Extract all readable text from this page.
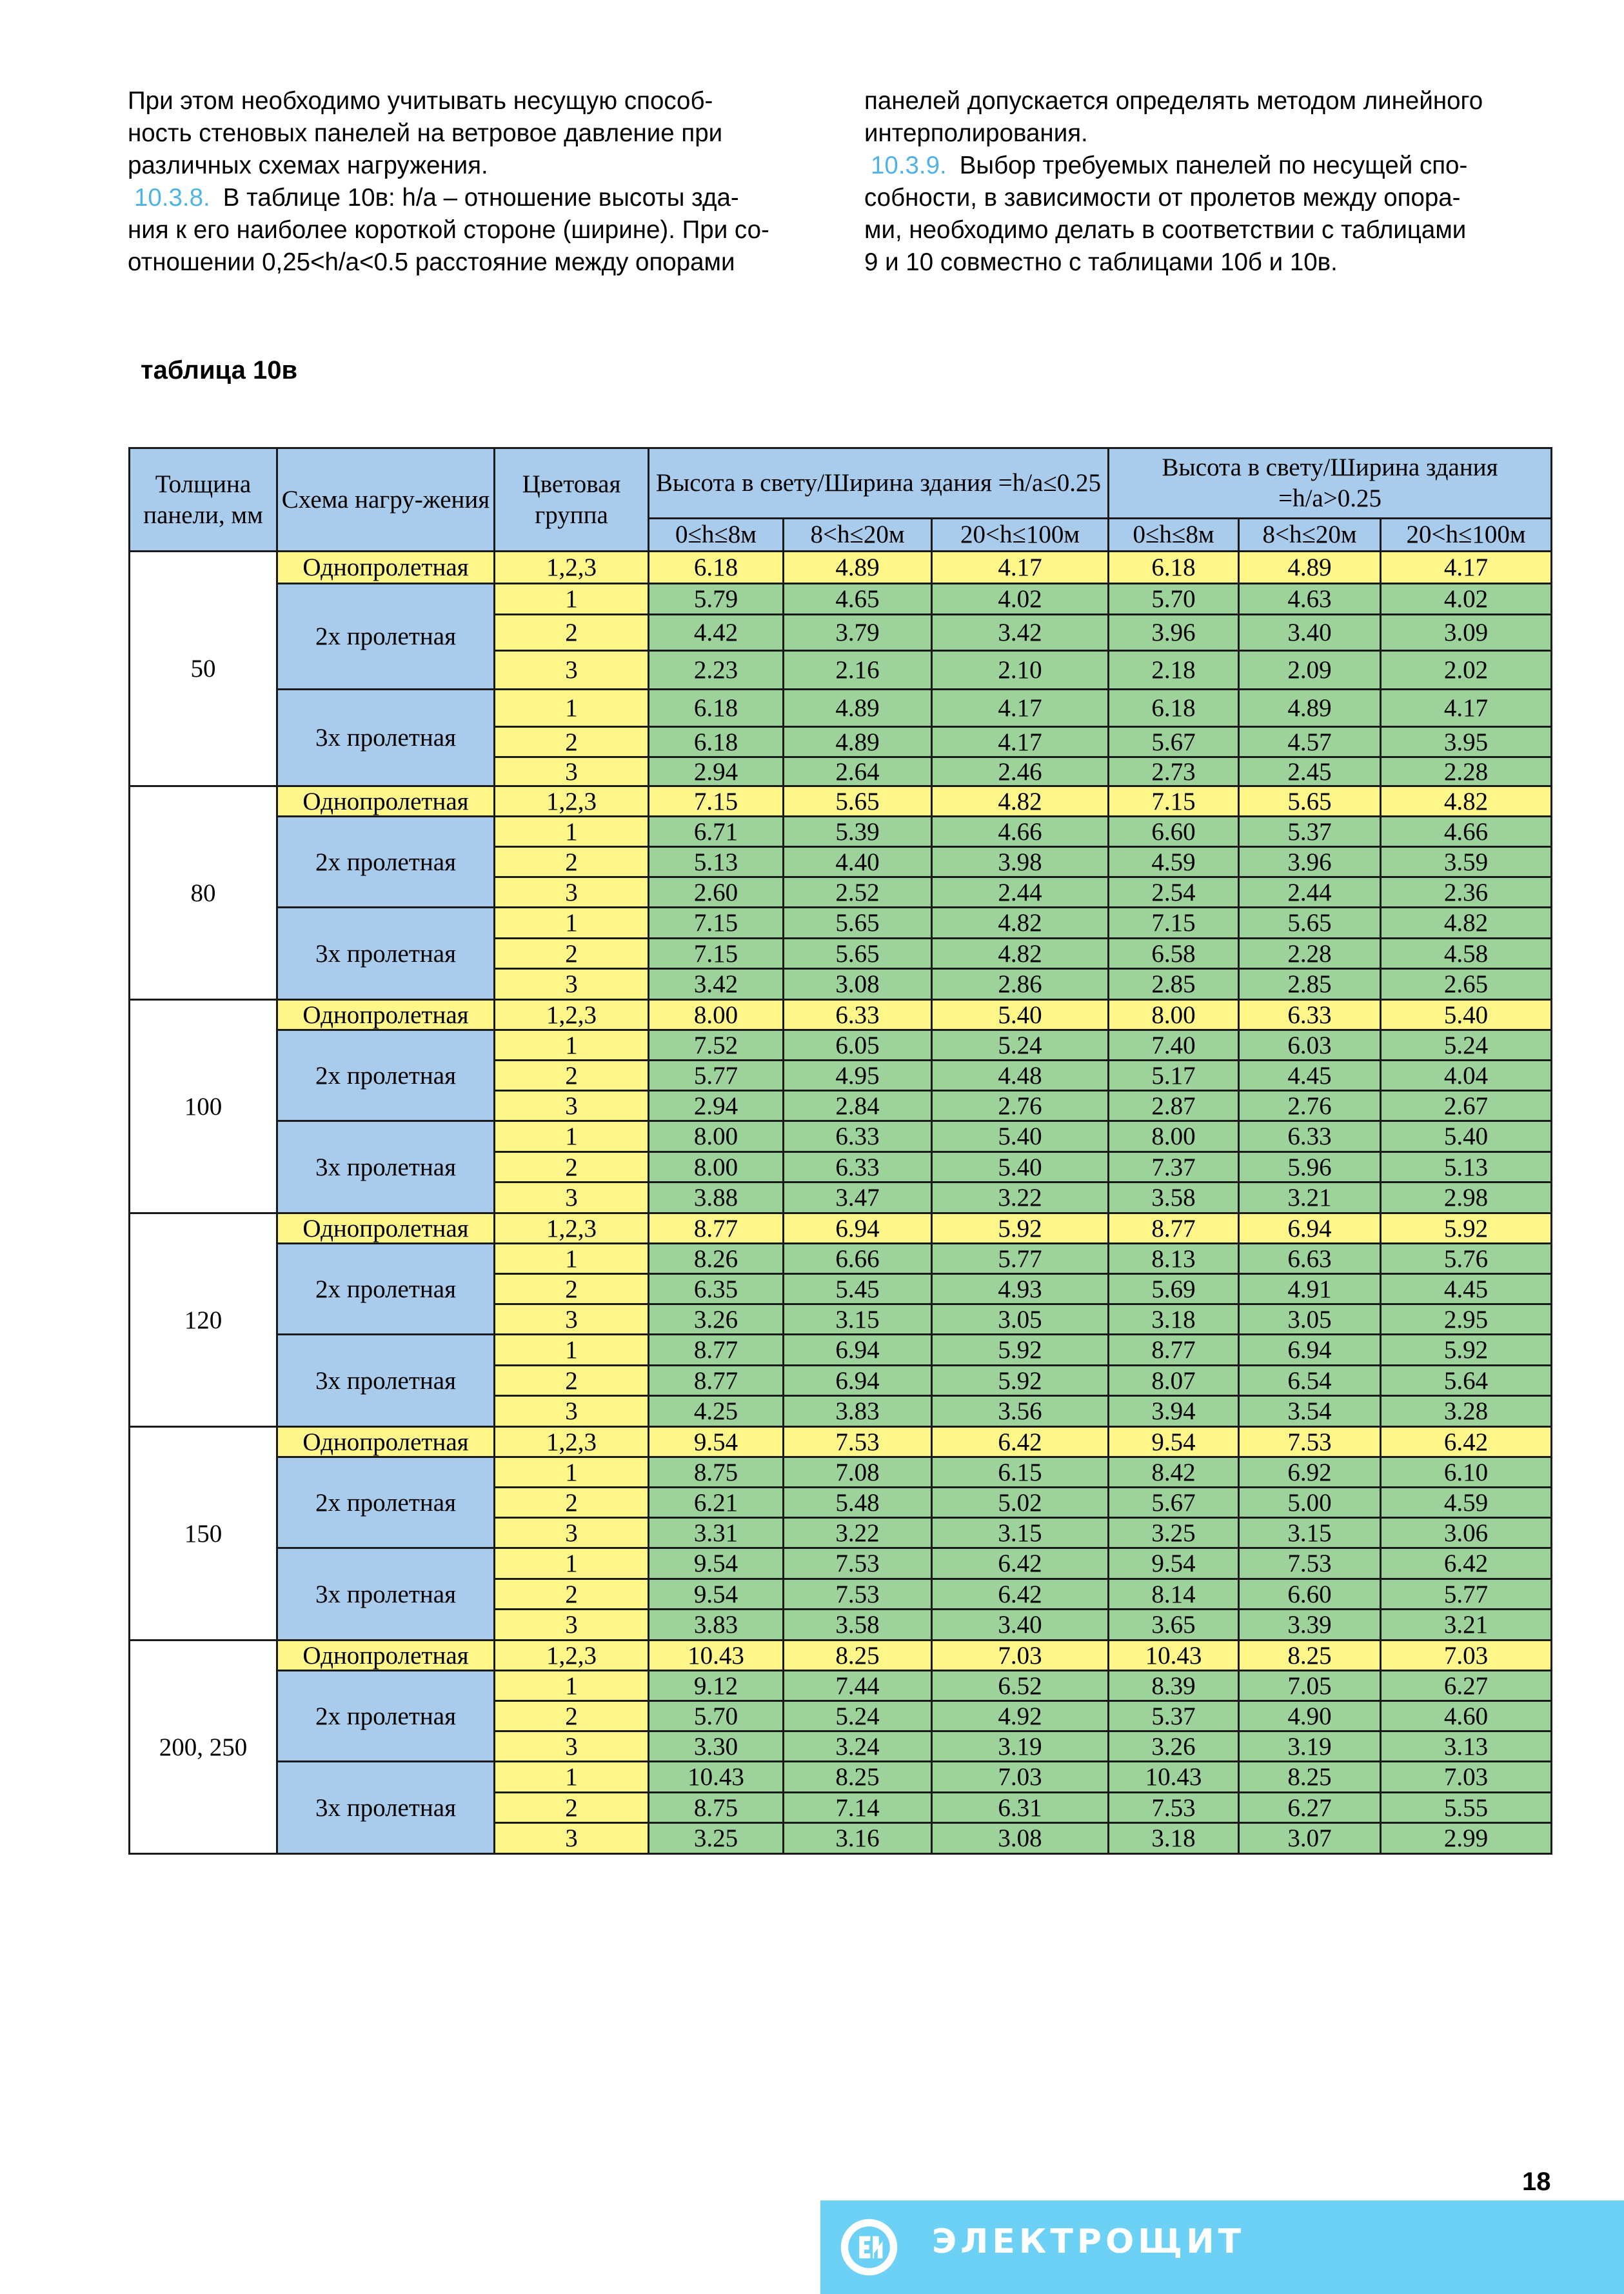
При этом необходимо учитывать несущую способ-
ность стеновых панелей на ветровое давление при
различных схемах нагружения.

10.3.8. В таблице 10в: h/a – отношение высоты зда-
ния к его наиболее короткой стороне (ширине). При со-
отношении 0,25<h/a<0.5 расстояние между опорами

панелей допускается определять методом линейного
интерполирования.

10.3.9. Выбор требуемых панелей по несущей спо-
собности, в зависимости от пролетов между опора-
ми, необходимо делать в соответствии с таблицами
9 и 10 совместно с таблицами 10б и 10в.

таблица 10в
Толщина панели, мм	Схема нагру-жения	Цветовая группа	Высота в свету/Ширина здания =h/a≤0.25			Высота в свету/Ширина здания =h/a>0.25		
			0≤h≤8м	8<h≤20м	20<h≤100м	0≤h≤8м	8<h≤20м	20<h≤100м
50	Однопролетная	1,2,3	6.18	4.89	4.17	6.18	4.89	4.17
	2х пролетная	1	5.79	4.65	4.02	5.70	4.63	4.02
		2	4.42	3.79	3.42	3.96	3.40	3.09
		3	2.23	2.16	2.10	2.18	2.09	2.02
	3х пролетная	1	6.18	4.89	4.17	6.18	4.89	4.17
		2	6.18	4.89	4.17	5.67	4.57	3.95
		3	2.94	2.64	2.46	2.73	2.45	2.28
80	Однопролетная	1,2,3	7.15	5.65	4.82	7.15	5.65	4.82
	2х пролетная	1	6.71	5.39	4.66	6.60	5.37	4.66
		2	5.13	4.40	3.98	4.59	3.96	3.59
		3	2.60	2.52	2.44	2.54	2.44	2.36
	3х пролетная	1	7.15	5.65	4.82	7.15	5.65	4.82
		2	7.15	5.65	4.82	6.58	2.28	4.58
		3	3.42	3.08	2.86	2.85	2.85	2.65
100	Однопролетная	1,2,3	8.00	6.33	5.40	8.00	6.33	5.40
	2х пролетная	1	7.52	6.05	5.24	7.40	6.03	5.24
		2	5.77	4.95	4.48	5.17	4.45	4.04
		3	2.94	2.84	2.76	2.87	2.76	2.67
	3х пролетная	1	8.00	6.33	5.40	8.00	6.33	5.40
		2	8.00	6.33	5.40	7.37	5.96	5.13
		3	3.88	3.47	3.22	3.58	3.21	2.98
120	Однопролетная	1,2,3	8.77	6.94	5.92	8.77	6.94	5.92
	2х пролетная	1	8.26	6.66	5.77	8.13	6.63	5.76
		2	6.35	5.45	4.93	5.69	4.91	4.45
		3	3.26	3.15	3.05	3.18	3.05	2.95
	3х пролетная	1	8.77	6.94	5.92	8.77	6.94	5.92
		2	8.77	6.94	5.92	8.07	6.54	5.64
		3	4.25	3.83	3.56	3.94	3.54	3.28
150	Однопролетная	1,2,3	9.54	7.53	6.42	9.54	7.53	6.42
	2х пролетная	1	8.75	7.08	6.15	8.42	6.92	6.10
		2	6.21	5.48	5.02	5.67	5.00	4.59
		3	3.31	3.22	3.15	3.25	3.15	3.06
	3х пролетная	1	9.54	7.53	6.42	9.54	7.53	6.42
		2	9.54	7.53	6.42	8.14	6.60	5.77
		3	3.83	3.58	3.40	3.65	3.39	3.21
200, 250	Однопролетная	1,2,3	10.43	8.25	7.03	10.43	8.25	7.03
	2х пролетная	1	9.12	7.44	6.52	8.39	7.05	6.27
		2	5.70	5.24	4.92	5.37	4.90	4.60
		3	3.30	3.24	3.19	3.26	3.19	3.13
	3х пролетная	1	10.43	8.25	7.03	10.43	8.25	7.03
		2	8.75	7.14	6.31	7.53	6.27	5.55
		3	3.25	3.16	3.08	3.18	3.07	2.99
18
ЭЛЕКТРОЩИТ
